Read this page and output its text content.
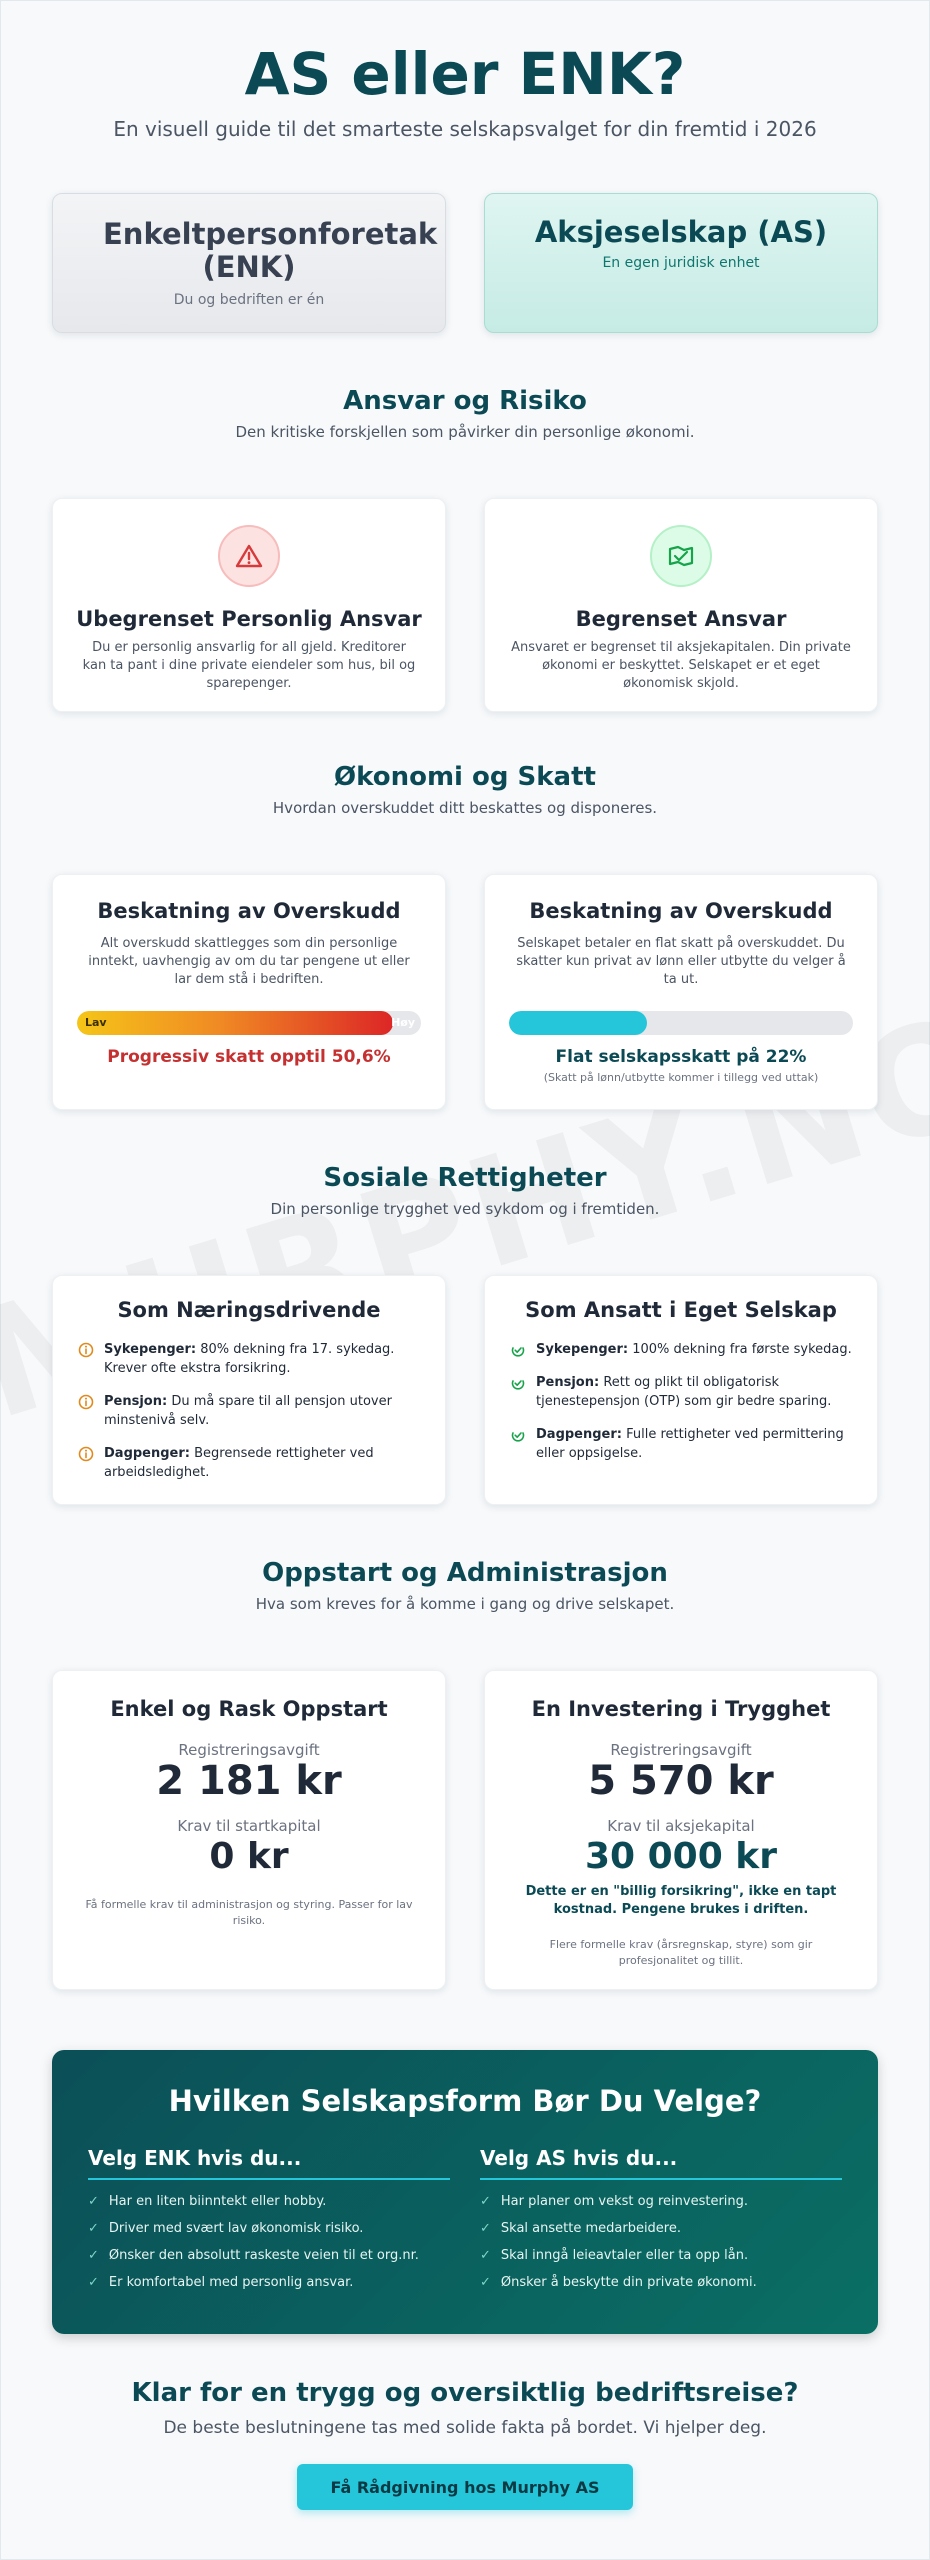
AS eller ENK?
En visuell guide til det smarteste selskapsvalget for din fremtid i 2026
Enkeltpersonforetak (ENK)
Du og bedriften er én
Aksjeselskap (AS)
En egen juridisk enhet
Ansvar og Risiko
Den kritiske forskjellen som påvirker din personlige økonomi.
Ubegrenset Personlig Ansvar
Du er personlig ansvarlig for all gjeld. Kreditorer kan ta pant i dine private eiendeler som hus, bil og sparepenger.
Begrenset Ansvar
Ansvaret er begrenset til aksjekapitalen. Din private økonomi er beskyttet. Selskapet er et eget økonomisk skjold.
Økonomi og Skatt
Hvordan overskuddet ditt beskattes og disponeres.
Beskatning av Overskudd
Alt overskudd skattlegges som din personlige inntekt, uavhengig av om du tar pengene ut eller lar dem stå i bedriften.
Lav	Høy
Progressiv skatt opptil 50,6%
Beskatning av Overskudd
Selskapet betaler en flat skatt på overskuddet. Du skatter kun privat av lønn eller utbytte du velger å ta ut.
Flat selskapsskatt på 22%
(Skatt på lønn/utbytte kommer i tillegg ved uttak)
Sosiale Rettigheter
Din personlige trygghet ved sykdom og i fremtiden.
Som Næringsdrivende
Sykepenger: 80% dekning fra 17. sykedag. Krever ofte ekstra forsikring.
Pensjon: Du må spare til all pensjon utover minstenivå selv.
Dagpenger: Begrensede rettigheter ved arbeidsledighet.
Som Ansatt i Eget Selskap
Sykepenger: 100% dekning fra første sykedag.
Pensjon: Rett og plikt til obligatorisk tjenestepensjon (OTP) som gir bedre sparing.
Dagpenger: Fulle rettigheter ved permittering eller oppsigelse.
Oppstart og Administrasjon
Hva som kreves for å komme i gang og drive selskapet.
Enkel og Rask Oppstart
Registreringsavgift
2 181 kr
Krav til startkapital
0 kr
Få formelle krav til administrasjon og styring. Passer for lav risiko.
En Investering i Trygghet
Registreringsavgift
5 570 kr
Krav til aksjekapital
30 000 kr
Dette er en "billig forsikring", ikke en tapt kostnad. Pengene brukes i driften.
Flere formelle krav (årsregnskap, styre) som gir profesjonalitet og tillit.
Hvilken Selskapsform Bør Du Velge?
Velg ENK hvis du...
✓ Har en liten biinntekt eller hobby.
✓ Driver med svært lav økonomisk risiko.
✓ Ønsker den absolutt raskeste veien til et org.nr.
✓ Er komfortabel med personlig ansvar.
Velg AS hvis du...
✓ Har planer om vekst og reinvestering.
✓ Skal ansette medarbeidere.
✓ Skal inngå leieavtaler eller ta opp lån.
✓ Ønsker å beskytte din private økonomi.
Klar for en trygg og oversiktlig bedriftsreise?
De beste beslutningene tas med solide fakta på bordet. Vi hjelper deg.
Få Rådgivning hos Murphy AS
